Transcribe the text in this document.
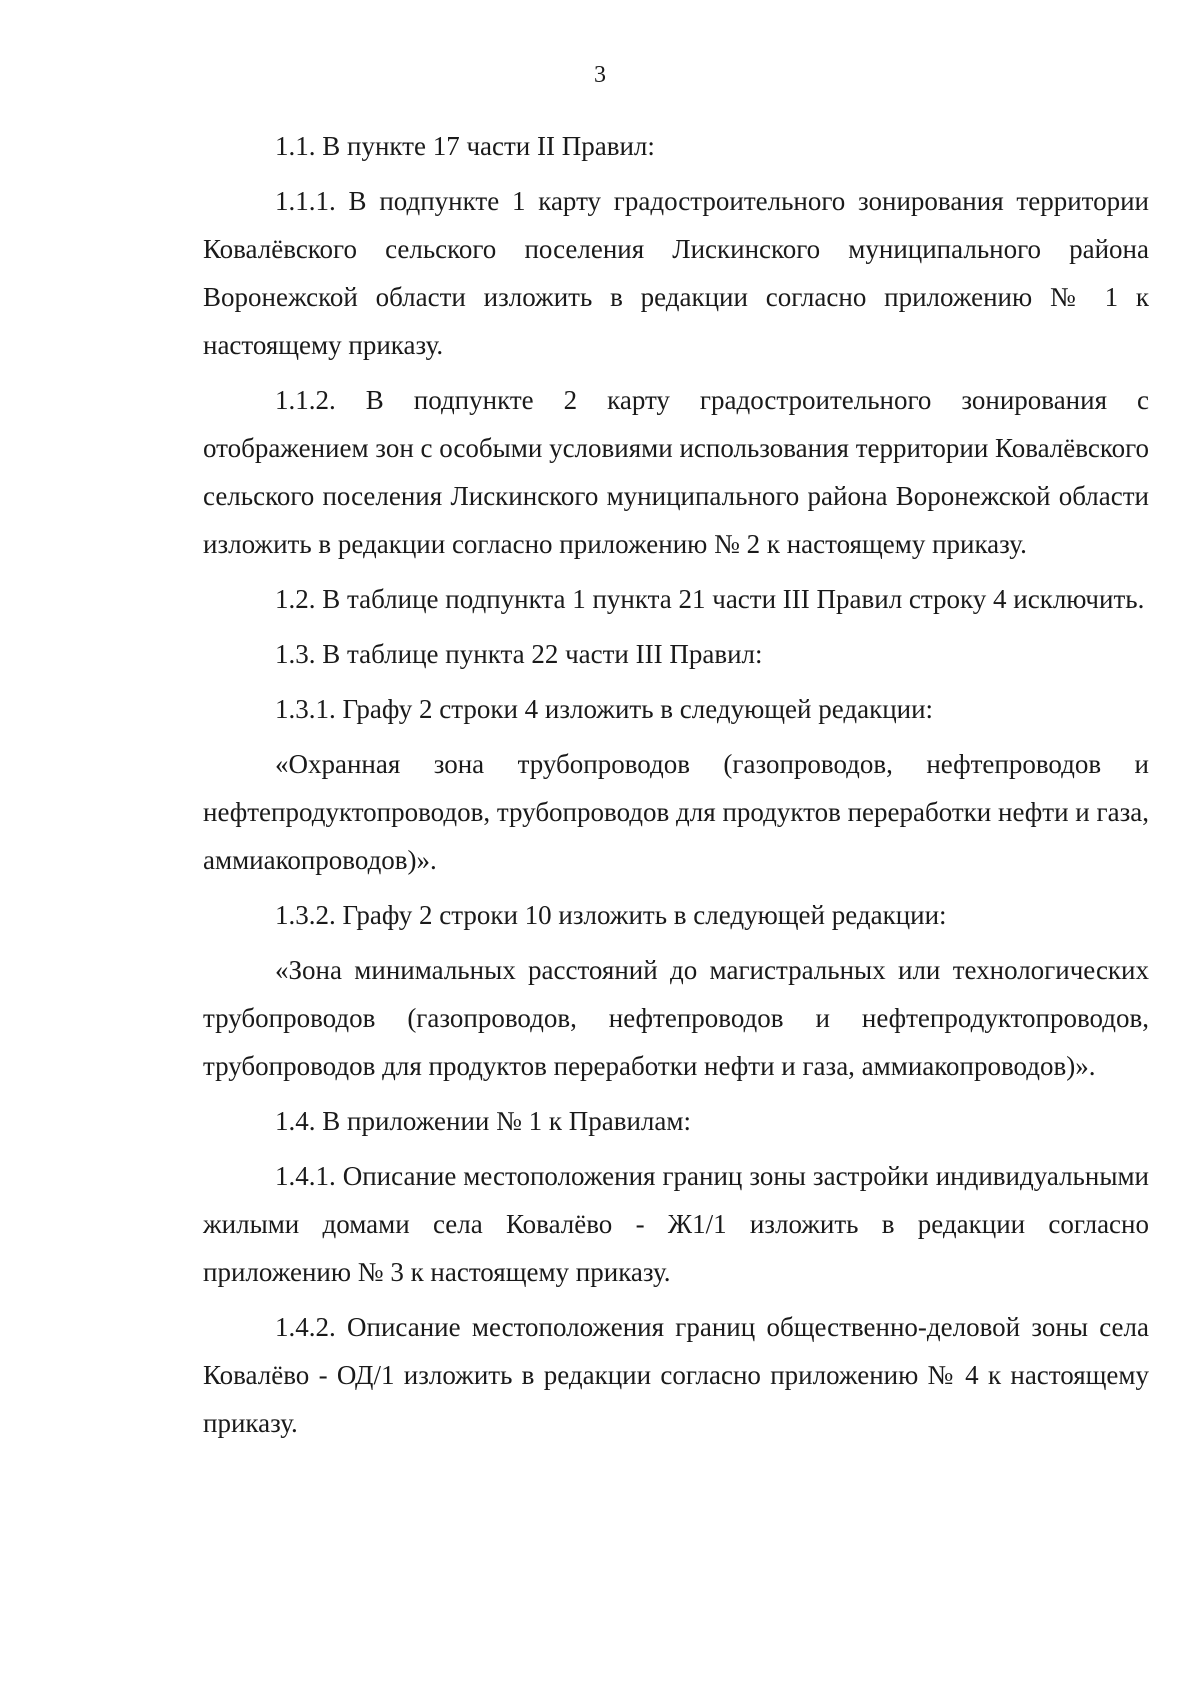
3

1.1. В пункте 17 части II Правил:

1.1.1. В подпункте 1 карту градостроительного зонирования территории Ковалёвского сельского поселения Лискинского муниципального района Воронежской области изложить в редакции согласно приложению № 1 к настоящему приказу.

1.1.2. В подпункте 2 карту градостроительного зонирования с отображением зон с особыми условиями использования территории Ковалёвского сельского поселения Лискинского муниципального района Воронежской области изложить в редакции согласно приложению № 2 к настоящему приказу.

1.2. В таблице подпункта 1 пункта 21 части III Правил строку 4 исключить.

1.3. В таблице пункта 22 части III Правил:

1.3.1. Графу 2 строки 4 изложить в следующей редакции:

«Охранная зона трубопроводов (газопроводов, нефтепроводов и нефтепродуктопроводов, трубопроводов для продуктов переработки нефти и газа, аммиакопроводов)».

1.3.2. Графу 2 строки 10 изложить в следующей редакции:

«Зона минимальных расстояний до магистральных или технологических трубопроводов (газопроводов, нефтепроводов и нефтепродуктопроводов, трубопроводов для продуктов переработки нефти и газа, аммиакопроводов)».

1.4. В приложении № 1 к Правилам:

1.4.1. Описание местоположения границ зоны застройки индивидуальными жилыми домами села Ковалёво - Ж1/1 изложить в редакции согласно приложению № 3 к настоящему приказу.

1.4.2. Описание местоположения границ общественно-деловой зоны села Ковалёво - ОД/1 изложить в редакции согласно приложению № 4 к настоящему приказу.
